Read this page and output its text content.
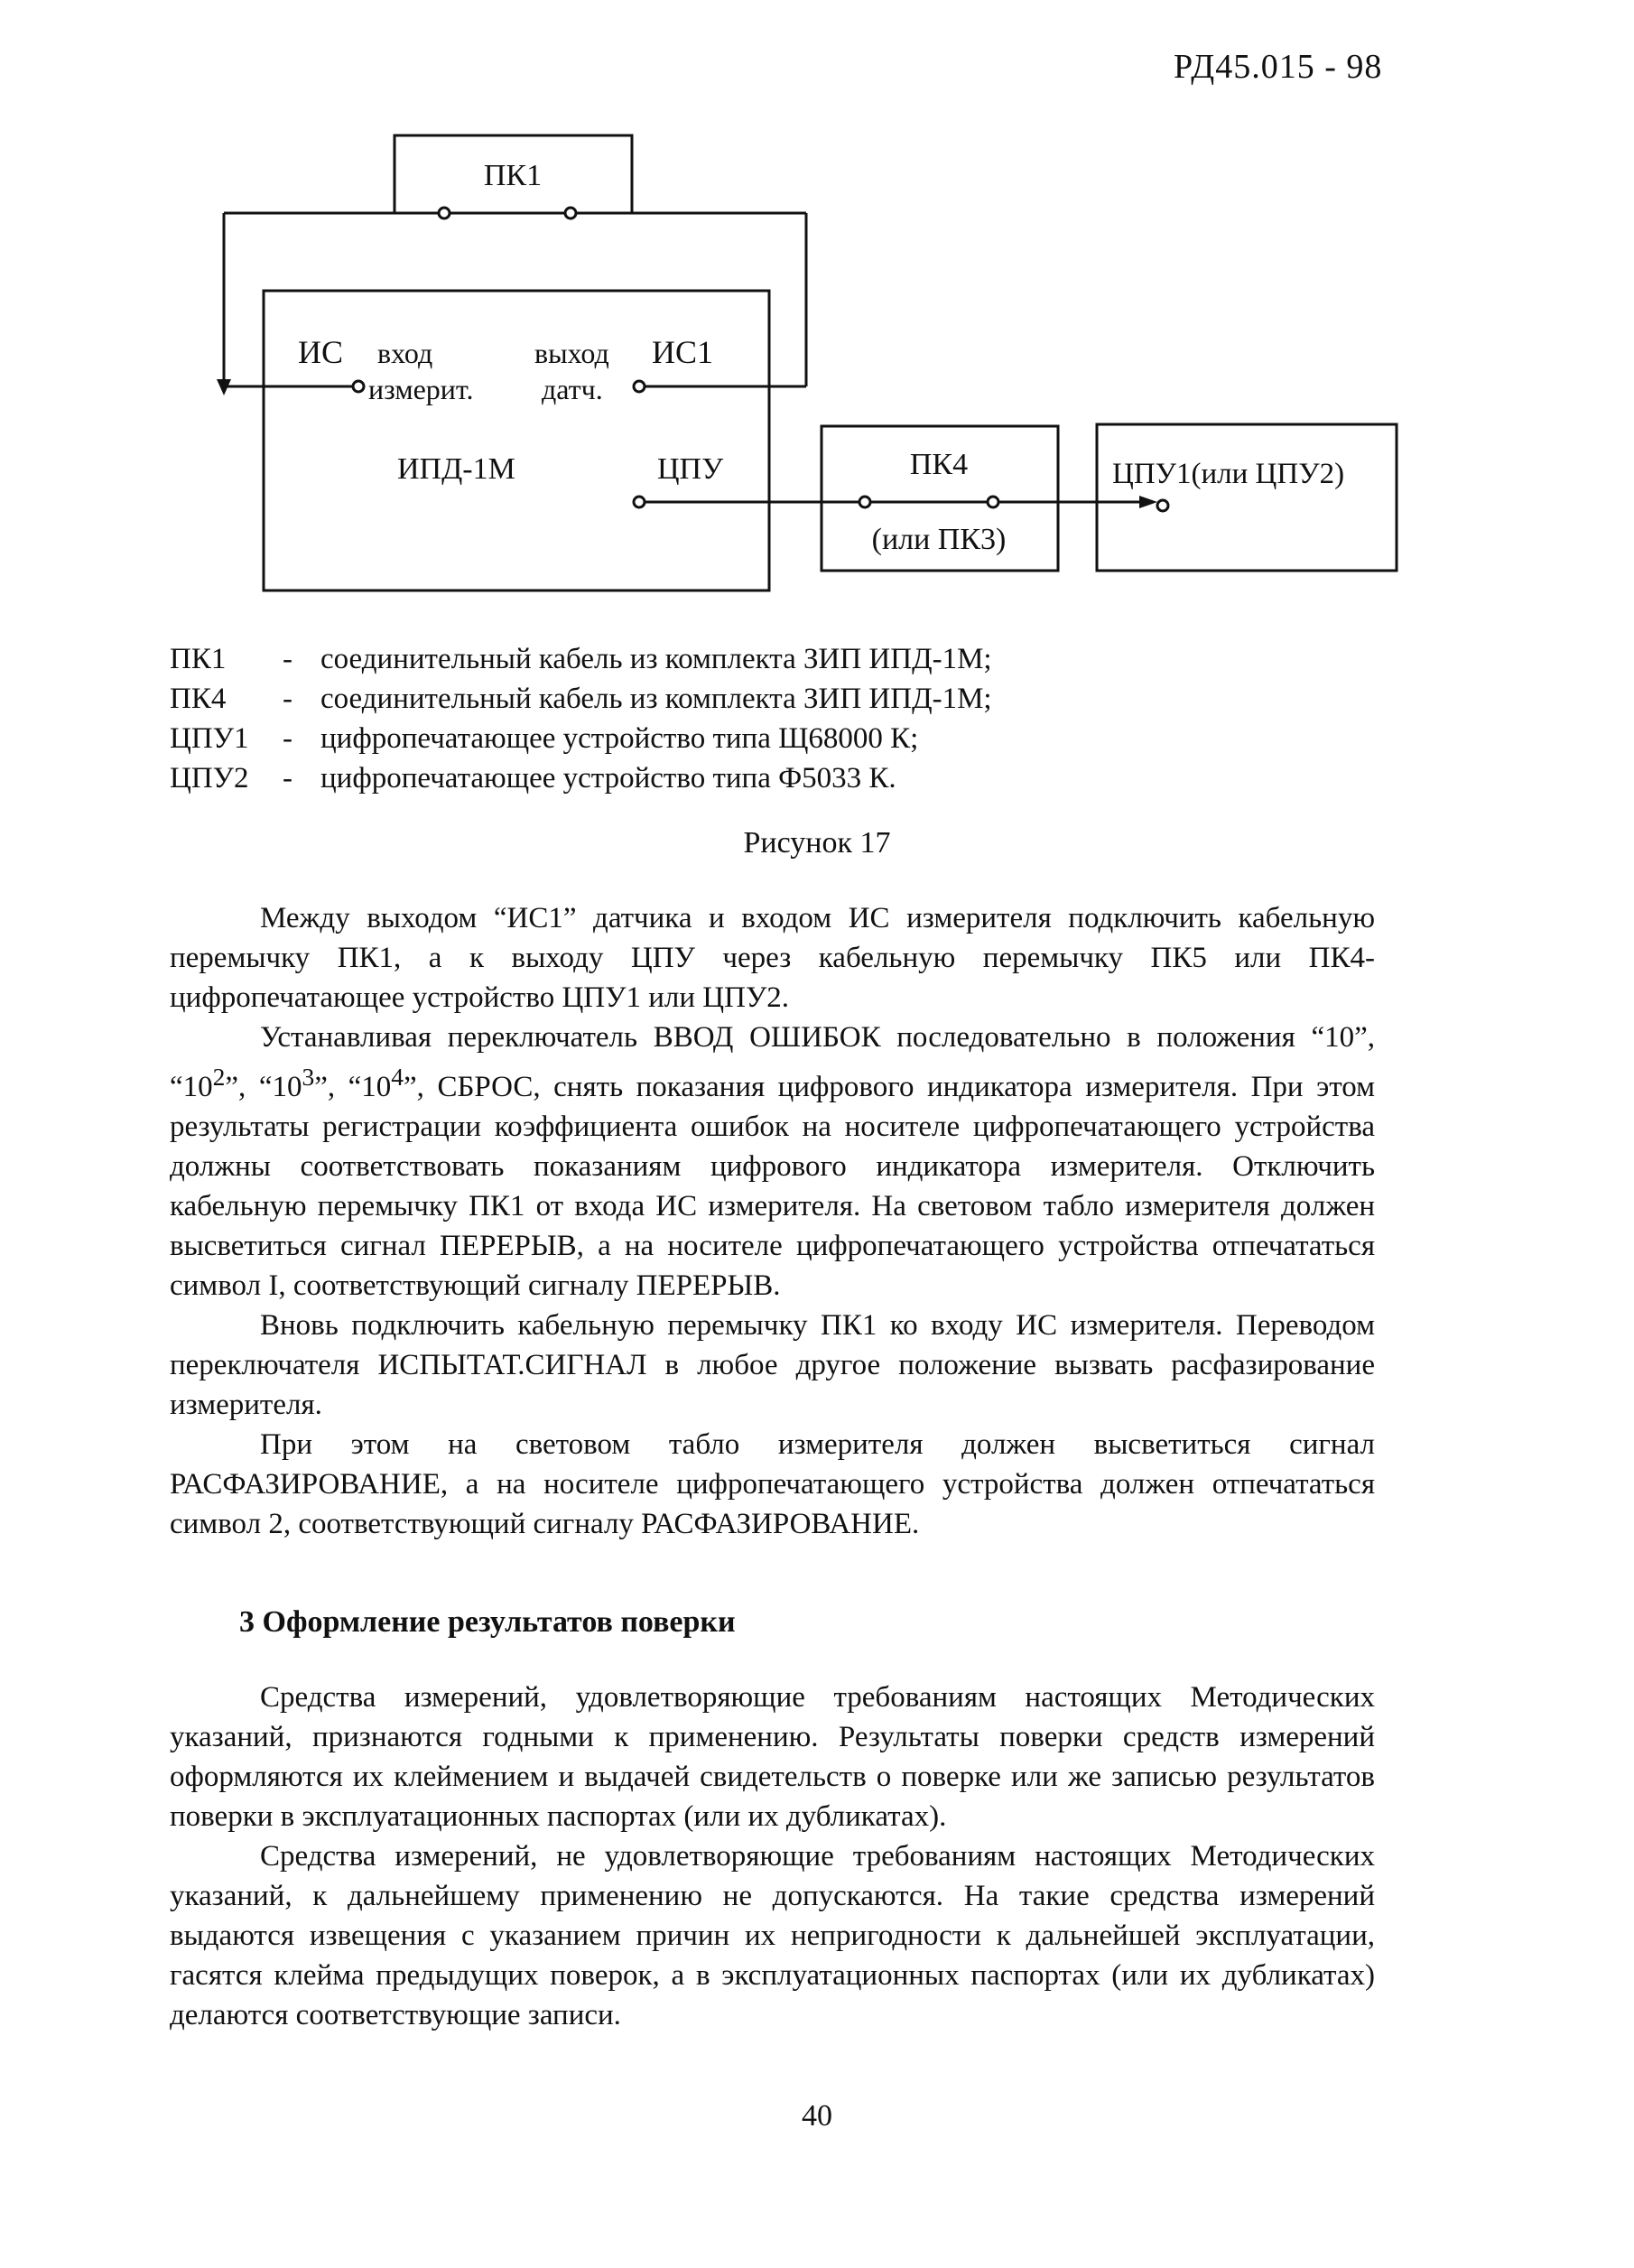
РД45.015 - 98
ПК1
ИС вход	выход ИС1
измерит. датч.
ИПД-1М	ЦПУ	ПК4
(или ПК3)
ЦПУ1(или ЦПУ2)
ПК1	- соединительный кабель из комплекта ЗИП ИПД-1М;
ПК4	- соединительный кабель из комплекта ЗИП ИПД-1М;
ЦПУ1	- цифропечатающее устройство типа Щ68000 К;
ЦПУ2	- цифропечатающее устройство типа Ф5033 К.
Рисунок 17

Между выходом “ИС1” датчика и входом ИС измерителя подключить кабельную перемычку ПК1, а к выходу ЦПУ через кабельную перемычку ПК5 или ПК4- цифропечатающее устройство ЦПУ1 или ЦПУ2.

Устанавливая переключатель ВВОД ОШИБОК последовательно в положения “10”, “$10^2$”, “$10^3$”, “$10^4$”, СБРОС, снять показания цифрового индикатора измерителя. При этом результаты регистрации коэффициента ошибок на носителе цифропечатающего устройства должны соответствовать показаниям цифрового индикатора измерителя. Отключить кабельную перемычку ПК1 от входа ИС измерителя. На световом табло измерителя должен высветиться сигнал ПЕРЕРЫВ, а на носителе цифропечатающего устройства отпечататься символ I, соответствующий сигналу ПЕРЕРЫВ.

Вновь подключить кабельную перемычку ПК1 ко входу ИС измерителя. Переводом переключателя ИСПЫТАТ.СИГНАЛ в любое другое положение вызвать расфазирование измерителя.

При этом на световом табло измерителя должен высветиться сигнал РАСФАЗИРОВАНИЕ, а на носителе цифропечатающего устройства должен отпечататься символ 2, соответствующий сигналу РАСФАЗИРОВАНИЕ.

3 Оформление результатов поверки

Средства измерений, удовлетворяющие требованиям настоящих Методических указаний, признаются годными к применению. Результаты поверки средств измерений оформляются их клеймением и выдачей свидетельств о поверке или же записью результатов поверки в эксплуатационных паспортах (или их дубликатах).

Средства измерений, не удовлетворяющие требованиям настоящих Методических указаний, к дальнейшему применению не допускаются. На такие средства измерений выдаются извещения с указанием причин их непригодности к дальнейшей эксплуатации, гасятся клейма предыдущих поверок, а в эксплуатационных паспортах (или их дубликатах) делаются соответствующие записи.

40
